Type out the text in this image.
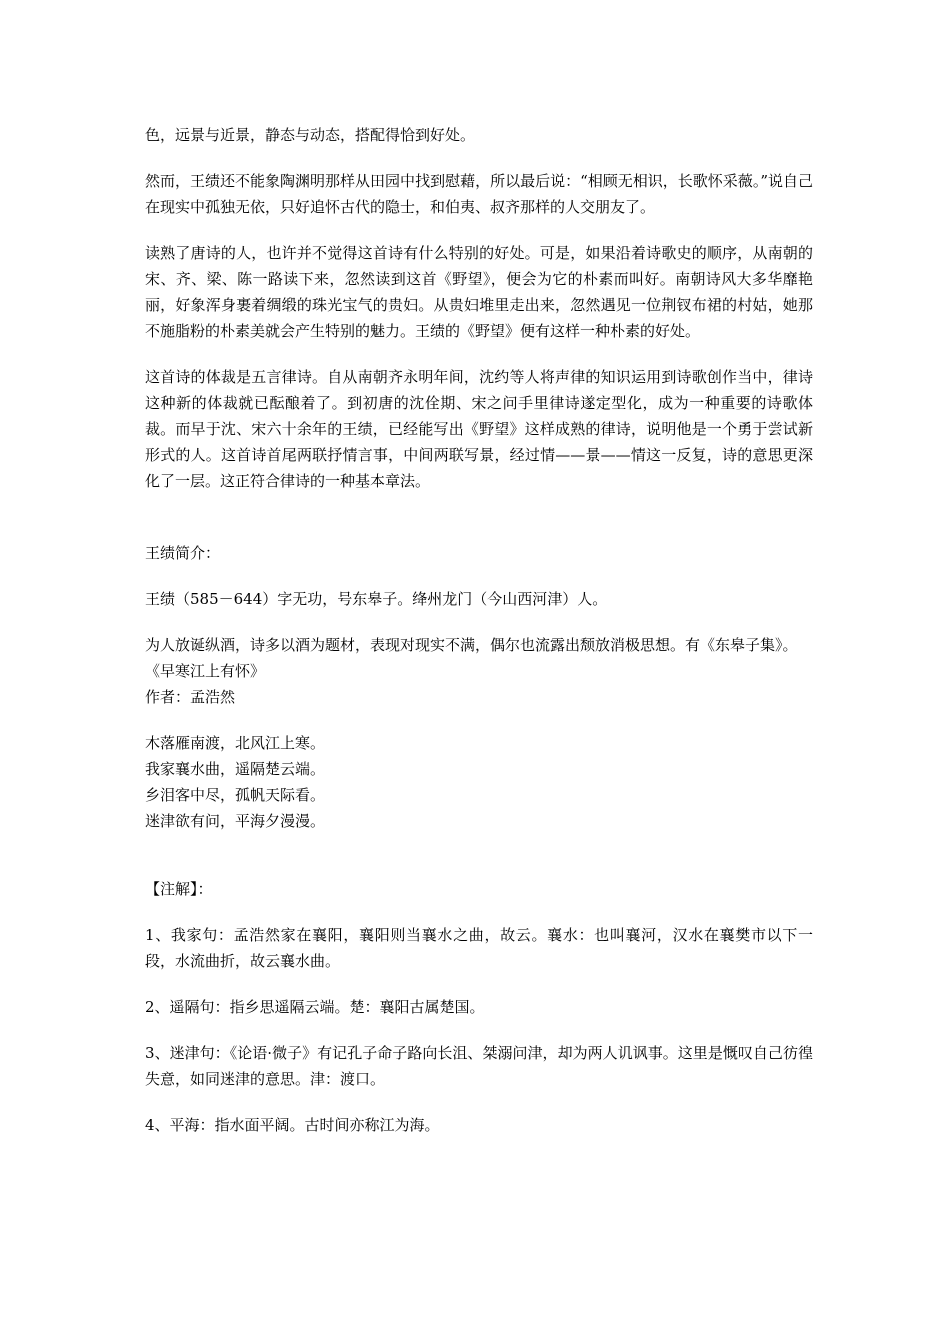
色，远景与近景，静态与动态，搭配得恰到好处。

然而，王绩还不能象陶渊明那样从田园中找到慰藉，所以最后说：“相顾无相识，长歌怀采薇。”说自己在现实中孤独无依，只好追怀古代的隐士，和伯夷、叔齐那样的人交朋友了。

读熟了唐诗的人，也许并不觉得这首诗有什么特别的好处。可是，如果沿着诗歌史的顺序，从南朝的宋、齐、梁、陈一路读下来，忽然读到这首《野望》，便会为它的朴素而叫好。南朝诗风大多华靡艳丽，好象浑身裹着绸缎的珠光宝气的贵妇。从贵妇堆里走出来，忽然遇见一位荆钗布裙的村姑，她那不施脂粉的朴素美就会产生特别的魅力。王绩的《野望》便有这样一种朴素的好处。

这首诗的体裁是五言律诗。自从南朝齐永明年间，沈约等人将声律的知识运用到诗歌创作当中，律诗这种新的体裁就已酝酿着了。到初唐的沈佺期、宋之问手里律诗遂定型化，成为一种重要的诗歌体裁。而早于沈、宋六十余年的王绩，已经能写出《野望》这样成熟的律诗，说明他是一个勇于尝试新形式的人。这首诗首尾两联抒情言事，中间两联写景，经过情——景——情这一反复，诗的意思更深化了一层。这正符合律诗的一种基本章法。

王绩简介：

王绩（585－644）字无功，号东皋子。绛州龙门（今山西河津）人。

为人放诞纵酒，诗多以酒为题材，表现对现实不满，偶尔也流露出颓放消极思想。有《东皋子集》。

《早寒江上有怀》

作者：孟浩然

木落雁南渡，北风江上寒。

我家襄水曲，遥隔楚云端。

乡泪客中尽，孤帆天际看。

迷津欲有问，平海夕漫漫。

【注解】：

1、我家句：孟浩然家在襄阳，襄阳则当襄水之曲，故云。襄水：也叫襄河，汉水在襄樊市以下一段，水流曲折，故云襄水曲。

2、遥隔句：指乡思遥隔云端。楚：襄阳古属楚国。

3、迷津句：《论语·微子》有记孔子命子路向长沮、桀溺问津，却为两人讥讽事。这里是慨叹自己彷徨失意，如同迷津的意思。津：渡口。

4、平海：指水面平阔。古时间亦称江为海。
